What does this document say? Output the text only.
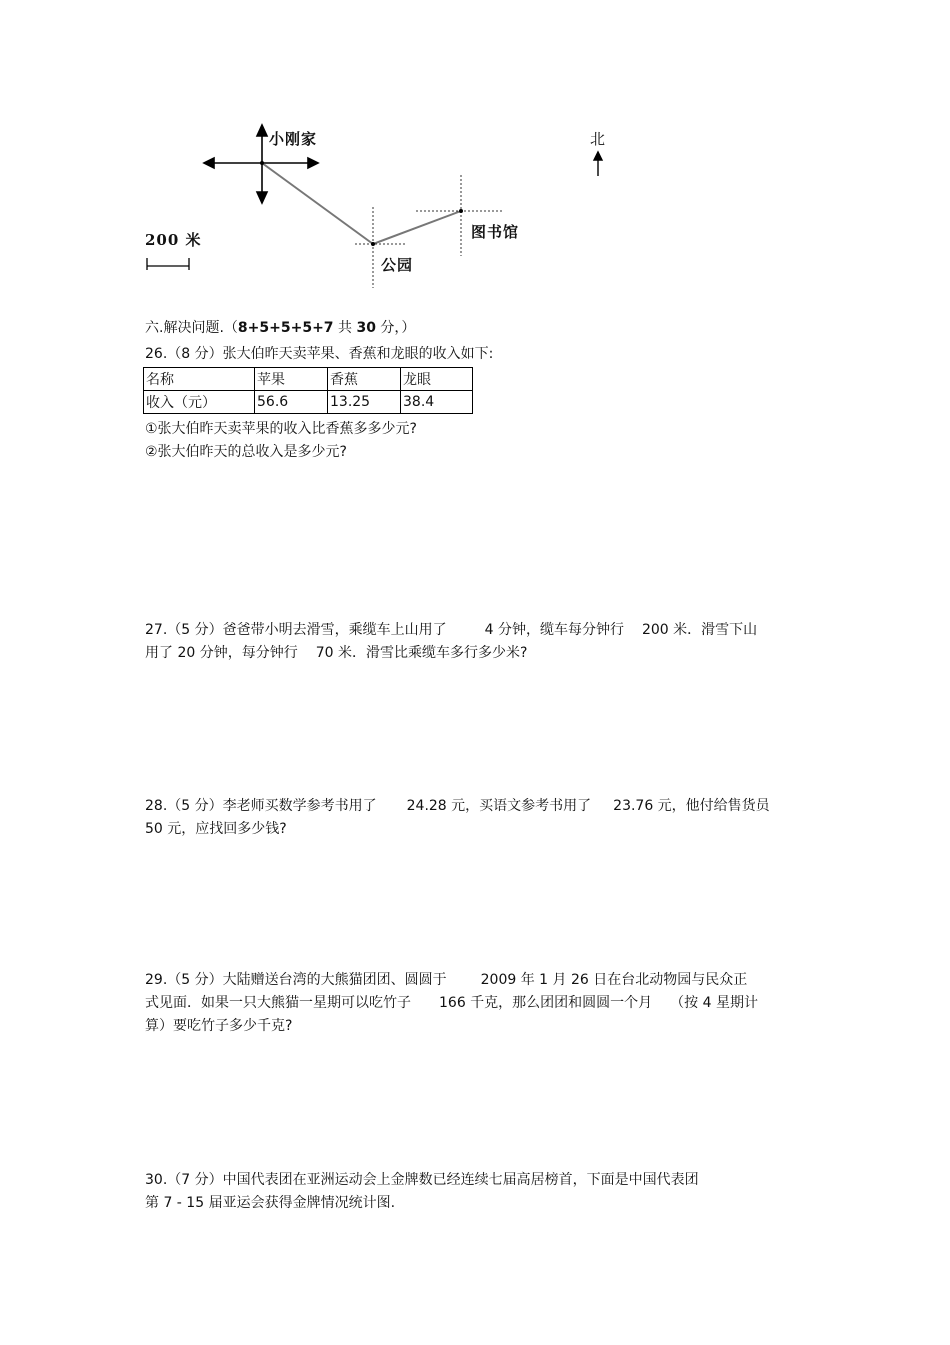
小刚家	北
200 米
公园
图书馆
六.解决问题.（8+5+5+5+7 共 30 分，）
26.（8 分）张大伯昨天卖苹果、香蕉和龙眼的收入如下:
名称	苹果	香蕉	龙眼
收入（元）	56.6	13.25	38.4
①张大伯昨天卖苹果的收入比香蕉多多少元?
②张大伯昨天的总收入是多少元?
27.（5 分）爸爸带小明去滑雪，乘缆车上山用了	4 分钟，缆车每分钟行 200 米．滑雪下山
用了 20 分钟，每分钟行 70 米．滑雪比乘缆车多行多少米?
28.（5 分）李老师买数学参考书用了 24.28 元，买语文参考书用了 23.76 元，他付给售货员
50 元，应找回多少钱?
29.（5 分）大陆赠送台湾的大熊猫团团、圆圆于 2009 年 1 月 26 日在台北动物园与民众正
式见面．如果一只大熊猫一星期可以吃竹子 166 千克，那么团团和圆圆一个月 （按 4 星期计
算）要吃竹子多少千克?
30.（7 分）中国代表团在亚洲运动会上金牌数已经连续七届高居榜首，下面是中国代表团
第 7 - 15 届亚运会获得金牌情况统计图.
